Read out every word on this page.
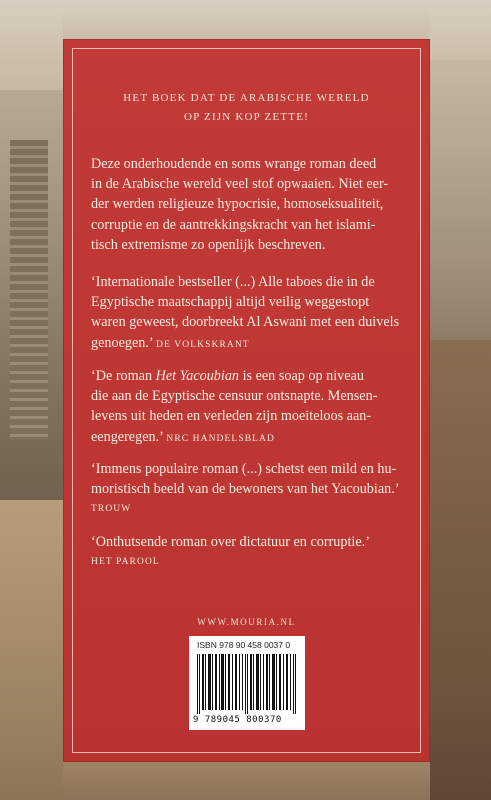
HET BOEK DAT DE ARABISCHE WERELD
OP ZIJN KOP ZETTE!
Deze onderhoudende en soms wrange roman deed
in de Arabische wereld veel stof opwaaien. Niet eer-
der werden religieuze hypocrisie, homoseksualiteit,
corruptie en de aantrekkingskracht van het islami-
tisch extremisme zo openlijk beschreven.
‘Internationale bestseller (...) Alle taboes die in de
Egyptische maatschappij altijd veilig weggestopt
waren geweest, doorbreekt Al Aswani met een duivels
genoegen.’ DE VOLKSKRANT
‘De roman Het Yacoubian is een soap op niveau
die aan de Egyptische censuur ontsnapte. Mensen-
levens uit heden en verleden zijn moeiteloos aan-
eengeregen.’ NRC HANDELSBLAD
‘Immens populaire roman (...) schetst een mild en hu-
moristisch beeld van de bewoners van het Yacoubian.’
TROUW
‘Onthutsende roman over dictatuur en corruptie.’
HET PAROOL
WWW.MOURIA.NL
ISBN 978 90 458 0037 0
9 789045 800370
